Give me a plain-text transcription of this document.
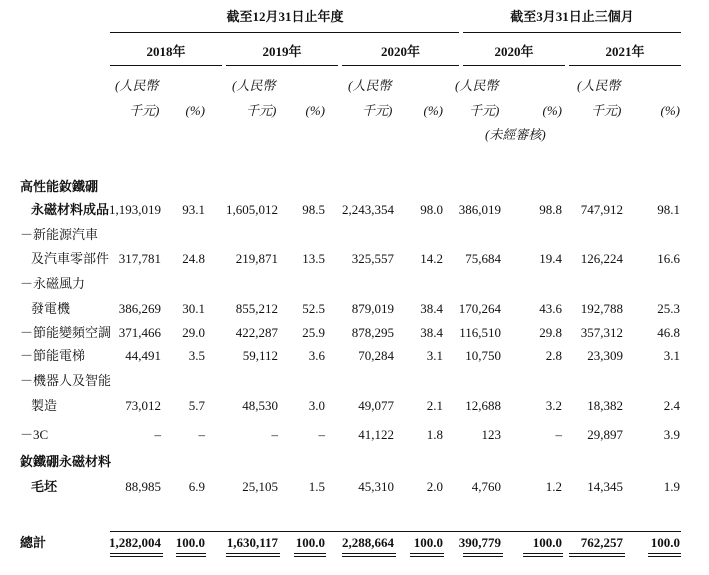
截至12月31日止年度	截至3月31日止三個月
2018年	2019年	2020年	2020年	2021年
(人民幣
千元)	(%)
(人民幣
千元)	(%)
(人民幣
千元)	(%)
(人民幣
千元)	(%)
(人民幣
千元)	(%)
(未經審核)
高性能釹鐵硼
永磁材料成品 1,193,019	93.1	1,605,012	98.5	2,243,354	98.0	386,019	98.8	747,912	98.1
－新能源汽車
及汽車零部件 317,781	24.8	219,871	13.5	325,557	14.2	75,684	19.4	126,224	16.6
－永磁風力
發電機	386,269	30.1	855,212	52.5	879,019	38.4	170,264	43.6	192,788	25.3
－節能變頻空調 371,466	29.0	422,287	25.9	878,295	38.4	116,510	29.8	357,312	46.8
－節能電梯	44,491	3.5	59,112	3.6	70,284	3.1	10,750	2.8	23,309	3.1
－機器人及智能
製造	73,012	5.7	48,530	3.0	49,077	2.1	12,688	3.2	18,382	2.4
－3C	–	–	–	–	41,122	1.8	123	–	29,897	3.9
釹鐵硼永磁材料
毛坯	88,985	6.9	25,105	1.5	45,310	2.0	4,760	1.2	14,345	1.9
總計	1,282,004	100.0	1,630,117	100.0	2,288,664	100.0	390,779	100.0	762,257	100.0
